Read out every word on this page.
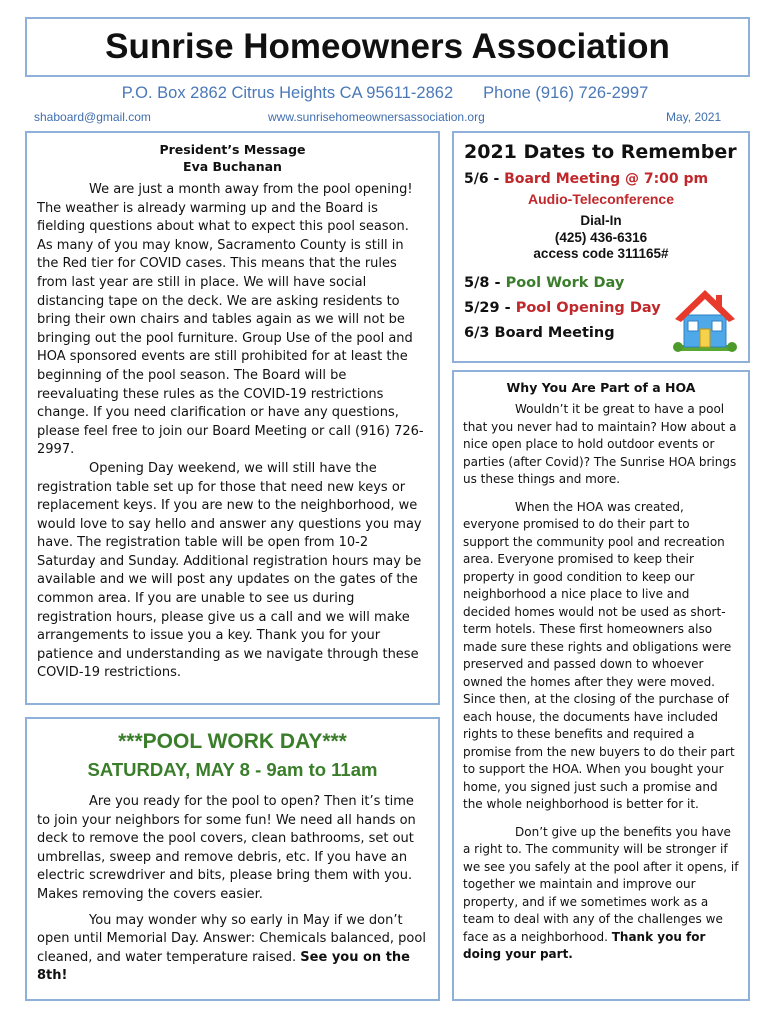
Sunrise Homeowners Association
P.O. Box 2862 Citrus Heights CA 95611-2862 Phone (916) 726-2997
shaboard@gmail.com	www.sunrisehomeownersassociation.org	May, 2021
President’s Message
Eva Buchanan

We are just a month away from the pool opening! The weather is already warming up and the Board is fielding questions about what to expect this pool season. As many of you may know, Sacramento County is still in the Red tier for COVID cases. This means that the rules from last year are still in place. We will have social distancing tape on the deck. We are asking residents to bring their own chairs and tables again as we will not be bringing out the pool furniture. Group Use of the pool and HOA sponsored events are still prohibited for at least the beginning of the pool season. The Board will be reevaluating these rules as the COVID-19 restrictions change. If you need clarification or have any questions, please feel free to join our Board Meeting or call (916) 726-2997.

Opening Day weekend, we will still have the registration table set up for those that need new keys or replacement keys. If you are new to the neighborhood, we would love to say hello and answer any questions you may have. The registration table will be open from 10-2 Saturday and Sunday. Additional registration hours may be available and we will post any updates on the gates of the common area. If you are unable to see us during registration hours, please give us a call and we will make arrangements to issue you a key. Thank you for your patience and understanding as we navigate through these COVID-19 restrictions.

2021 Dates to Remember

5/6 - Board Meeting @ 7:00 pm

Audio-Teleconference
Dial-In
(425) 436-6316
access code 311165#

5/8 - Pool Work Day

5/29 - Pool Opening Day

6/3 Board Meeting

***POOL WORK DAY***
SATURDAY, MAY 8 - 9am to 11am

Are you ready for the pool to open? Then it’s time to join your neighbors for some fun! We need all hands on deck to remove the pool covers, clean bathrooms, set out umbrellas, sweep and remove debris, etc. If you have an electric screwdriver and bits, please bring them with you. Makes removing the covers easier.

You may wonder why so early in May if we don’t open until Memorial Day. Answer: Chemicals balanced, pool cleaned, and water temperature raised. See you on the 8th!

Why You Are Part of a HOA

Wouldn’t it be great to have a pool that you never had to maintain? How about a nice open place to hold outdoor events or parties (after Covid)? The Sunrise HOA brings us these things and more.

When the HOA was created, everyone promised to do their part to support the community pool and recreation area. Everyone promised to keep their property in good condition to keep our neighborhood a nice place to live and decided homes would not be used as short-term hotels. These first homeowners also made sure these rights and obligations were preserved and passed down to whoever owned the homes after they were moved. Since then, at the closing of the purchase of each house, the documents have included rights to these benefits and required a promise from the new buyers to do their part to support the HOA. When you bought your home, you signed just such a promise and the whole neighborhood is better for it.

Don’t give up the benefits you have a right to. The community will be stronger if we see you safely at the pool after it opens, if together we maintain and improve our property, and if we sometimes work as a team to deal with any of the challenges we face as a neighborhood. Thank you for doing your part.
